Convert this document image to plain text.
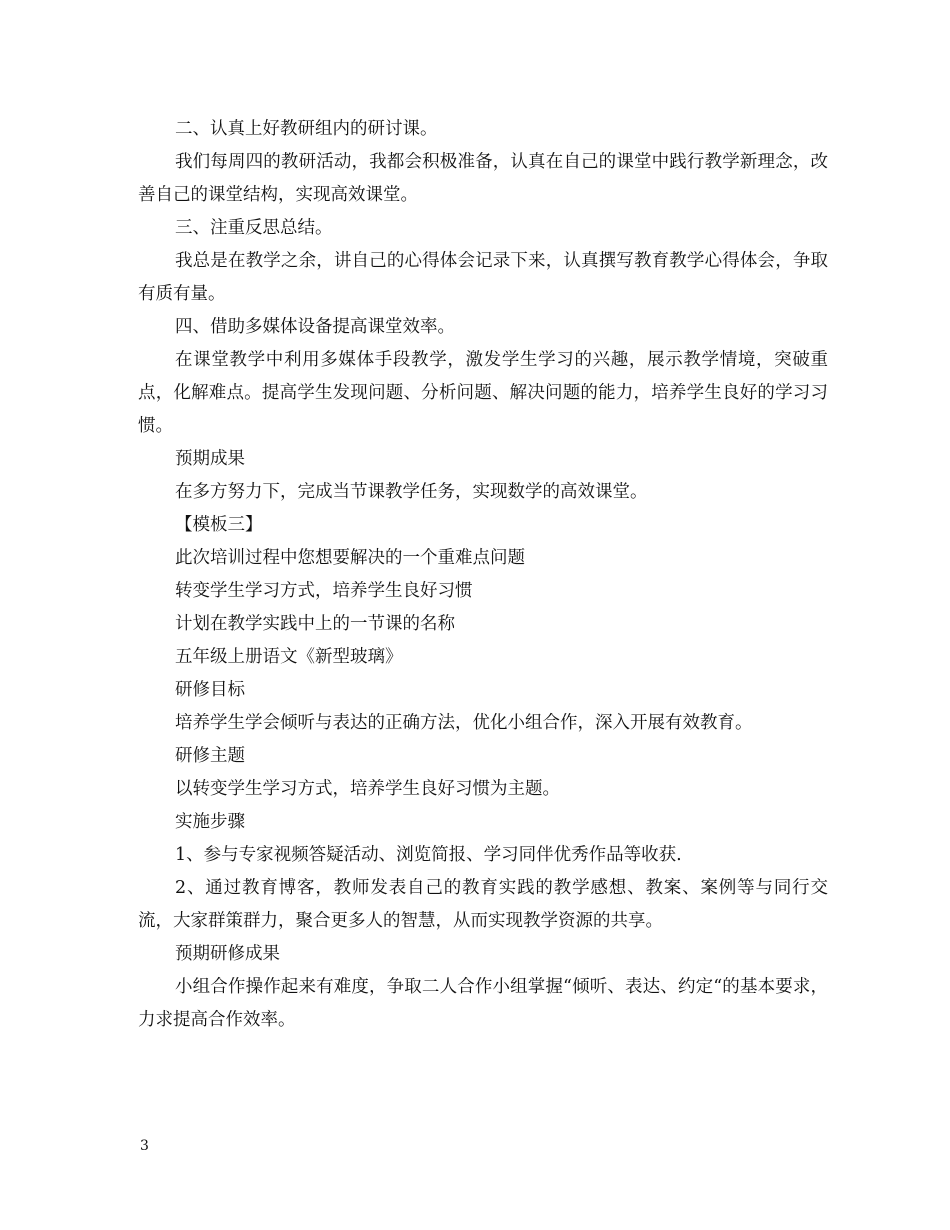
二、认真上好教研组内的研讨课。

我们每周四的教研活动，我都会积极准备，认真在自己的课堂中践行教学新理念，改善自己的课堂结构，实现高效课堂。

三、注重反思总结。

我总是在教学之余，讲自己的心得体会记录下来，认真撰写教育教学心得体会，争取有质有量。

四、借助多媒体设备提高课堂效率。

在课堂教学中利用多媒体手段教学，激发学生学习的兴趣，展示教学情境，突破重点，化解难点。提高学生发现问题、分析问题、解决问题的能力，培养学生良好的学习习惯。

预期成果

在多方努力下，完成当节课教学任务，实现数学的高效课堂。

【模板三】

此次培训过程中您想要解决的一个重难点问题

转变学生学习方式，培养学生良好习惯

计划在教学实践中上的一节课的名称

五年级上册语文《新型玻璃》

研修目标

培养学生学会倾听与表达的正确方法，优化小组合作，深入开展有效教育。

研修主题

以转变学生学习方式，培养学生良好习惯为主题。

实施步骤

1、参与专家视频答疑活动、浏览简报、学习同伴优秀作品等收获.

2、通过教育博客，教师发表自己的教育实践的教学感想、教案、案例等与同行交流，大家群策群力，聚合更多人的智慧，从而实现教学资源的共享。

预期研修成果

小组合作操作起来有难度，争取二人合作小组掌握“倾听、表达、约定“的基本要求，力求提高合作效率。

3
